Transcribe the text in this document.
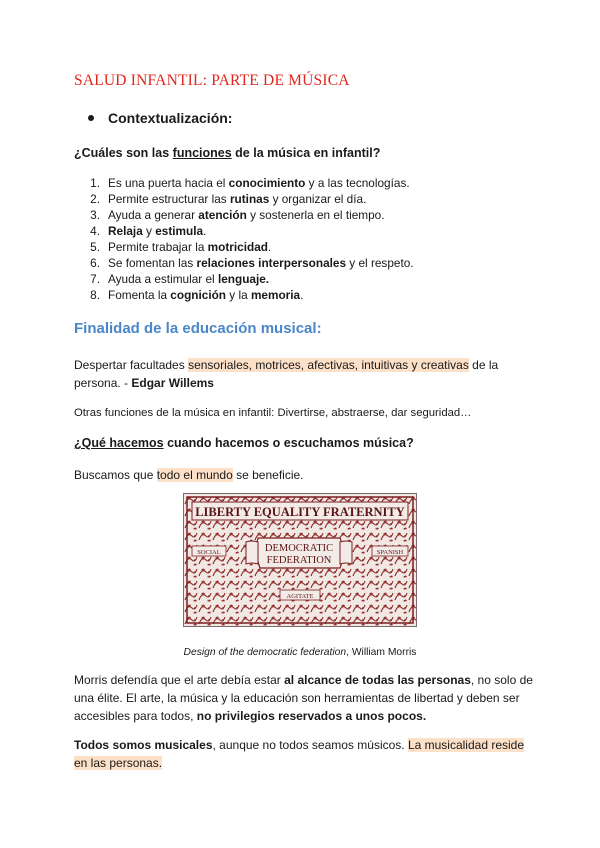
SALUD INFANTIL: PARTE DE MÚSICA
Contextualización:

¿Cuáles son las funciones de la música en infantil?

1. Es una puerta hacia el conocimiento y a las tecnologías.
2. Permite estructurar las rutinas y organizar el día.
3. Ayuda a generar atención y sostenerla en el tiempo.
4. Relaja y estimula.
5. Permite trabajar la motricidad.
6. Se fomentan las relaciones interpersonales y el respeto.
7. Ayuda a estimular el lenguaje.
8. Fomenta la cognición y la memoria.
Finalidad de la educación musical:

Despertar facultades sensoriales, motrices, afectivas, intuitivas y creativas de la persona. - Edgar Willems

Otras funciones de la música en infantil: Divertirse, abstraerse, dar seguridad…

¿Qué hacemos cuando hacemos o escuchamos música?

Buscamos que todo el mundo se beneficie.

LIBERTY EQUALITY FRATERNITY
SOCIAL	SPANISH
DEMOCRATIC
FEDERATION
AGITATE
Design of the democratic federation, William Morris

Morris defendía que el arte debía estar al alcance de todas las personas, no solo de una élite. El arte, la música y la educación son herramientas de libertad y deben ser accesibles para todos, no privilegios reservados a unos pocos.

Todos somos musicales, aunque no todos seamos músicos. La musicalidad reside en las personas.
